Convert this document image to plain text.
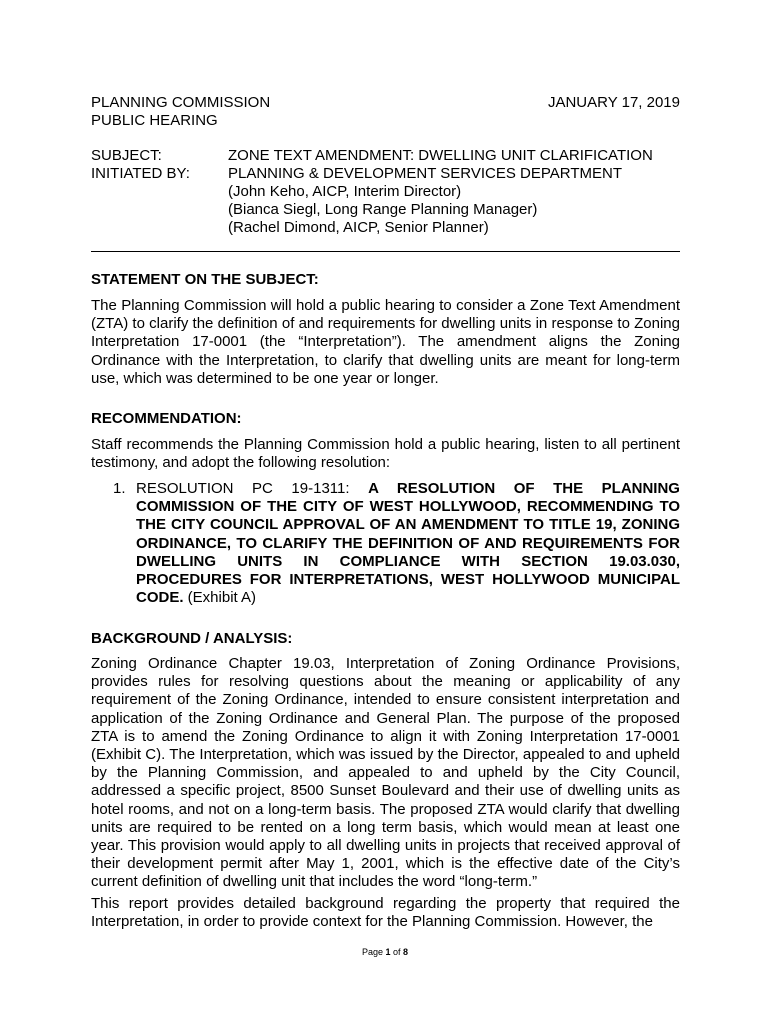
PLANNING COMMISSION
PUBLIC HEARING
JANUARY 17, 2019
SUBJECT:	ZONE TEXT AMENDMENT: DWELLING UNIT CLARIFICATION
INITIATED BY:	PLANNING & DEVELOPMENT SERVICES DEPARTMENT
(John Keho, AICP, Interim Director)
(Bianca Siegl, Long Range Planning Manager)
(Rachel Dimond, AICP, Senior Planner)
STATEMENT ON THE SUBJECT:
The Planning Commission will hold a public hearing to consider a Zone Text Amendment (ZTA) to clarify the definition of and requirements for dwelling units in response to Zoning Interpretation 17-0001 (the “Interpretation”). The amendment aligns the Zoning Ordinance with the Interpretation, to clarify that dwelling units are meant for long-term use, which was determined to be one year or longer.
RECOMMENDATION:
Staff recommends the Planning Commission hold a public hearing, listen to all pertinent testimony, and adopt the following resolution:
1. RESOLUTION PC 19-1311: A RESOLUTION OF THE PLANNING COMMISSION OF THE CITY OF WEST HOLLYWOOD, RECOMMENDING TO THE CITY COUNCIL APPROVAL OF AN AMENDMENT TO TITLE 19, ZONING ORDINANCE, TO CLARIFY THE DEFINITION OF AND REQUIREMENTS FOR DWELLING UNITS IN COMPLIANCE WITH SECTION 19.03.030, PROCEDURES FOR INTERPRETATIONS, WEST HOLLYWOOD MUNICIPAL CODE. (Exhibit A)
BACKGROUND / ANALYSIS:
Zoning Ordinance Chapter 19.03, Interpretation of Zoning Ordinance Provisions, provides rules for resolving questions about the meaning or applicability of any requirement of the Zoning Ordinance, intended to ensure consistent interpretation and application of the Zoning Ordinance and General Plan. The purpose of the proposed ZTA is to amend the Zoning Ordinance to align it with Zoning Interpretation 17-0001 (Exhibit C). The Interpretation, which was issued by the Director, appealed to and upheld by the Planning Commission, and appealed to and upheld by the City Council, addressed a specific project, 8500 Sunset Boulevard and their use of dwelling units as hotel rooms, and not on a long-term basis. The proposed ZTA would clarify that dwelling units are required to be rented on a long term basis, which would mean at least one year. This provision would apply to all dwelling units in projects that received approval of their development permit after May 1, 2001, which is the effective date of the City’s current definition of dwelling unit that includes the word “long-term.”
This report provides detailed background regarding the property that required the Interpretation, in order to provide context for the Planning Commission. However, the
Page 1 of 8
